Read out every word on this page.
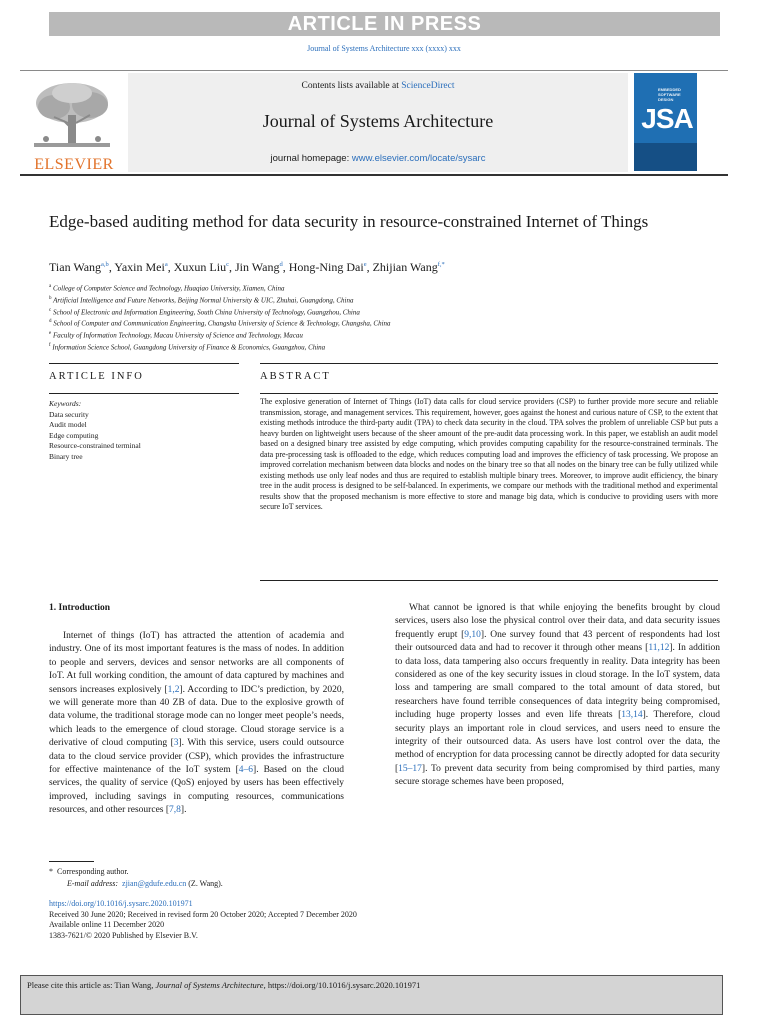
ARTICLE IN PRESS
Journal of Systems Architecture xxx (xxxx) xxx
ELSEVIER
Contents lists available at ScienceDirect
Journal of Systems Architecture
journal homepage: www.elsevier.com/locate/sysarc
EMBEDDED SOFTWARE DESIGN
JSA
Edge-based auditing method for data security in resource-constrained Internet of Things
Tian Wang$^{a,b}$, Yaxin Mei$^a$, Xuxun Liu$^c$, Jin Wang$^d$, Hong-Ning Dai$^e$, Zhijian Wang$^{f,*}$
$^a$ College of Computer Science and Technology, Huaqiao University, Xiamen, China
$^b$ Artificial Intelligence and Future Networks, Beijing Normal University & UIC, Zhuhai, Guangdong, China
$^c$ School of Electronic and Information Engineering, South China University of Technology, Guangzhou, China
$^d$ School of Computer and Communication Engineering, Changsha University of Science & Technology, Changsha, China
$^e$ Faculty of Information Technology, Macau University of Science and Technology, Macau
$^f$ Information Science School, Guangdong University of Finance & Economics, Guangzhou, China
ARTICLE INFO	ABSTRACT
Keywords:
Data security
Audit model
Edge computing
Resource-constrained terminal
Binary tree
The explosive generation of Internet of Things (IoT) data calls for cloud service providers (CSP) to further provide more secure and reliable transmission, storage, and management services. This requirement, however, goes against the honest and curious nature of CSP, to the extent that existing methods introduce the third-party audit (TPA) to check data security in the cloud. TPA solves the problem of unreliable CSP but puts a heavy burden on lightweight users because of the sheer amount of the pre-audit data processing work. In this paper, we establish an audit model based on a designed binary tree assisted by edge computing, which provides computing capability for the resource-constrained terminals. The data pre-processing task is offloaded to the edge, which reduces computing load and improves the efficiency of task processing. We propose an improved correlation mechanism between data blocks and nodes on the binary tree so that all nodes on the binary tree can be fully utilized while existing methods use only leaf nodes and thus are required to establish multiple binary trees. Moreover, to improve audit efficiency, the binary tree in the audit process is designed to be self-balanced. In experiments, we compare our methods with the traditional method and experimental results show that the proposed mechanism is more effective to store and manage big data, which is conducive to providing users with more secure IoT services.
1. Introduction

Internet of things (IoT) has attracted the attention of academia and industry. One of its most important features is the mass of nodes. In addition to people and servers, devices and sensor networks are all components of IoT. At full working condition, the amount of data captured by machines and sensors increases explosively [1,2]. According to IDC’s prediction, by 2020, we will generate more than 40 ZB of data. Due to the explosive growth of data volume, the traditional storage mode can no longer meet people’s needs, which leads to the emergence of cloud storage. Cloud storage service is a derivative of cloud computing [3]. With this service, users could outsource data to the cloud service provider (CSP), which provides the infrastructure for effective maintenance of the IoT system [4–6]. Based on the cloud services, the quality of service (QoS) enjoyed by users has been effectively improved, including savings in computing resources, communications resources, and other resources [7,8].

What cannot be ignored is that while enjoying the benefits brought by cloud services, users also lose the physical control over their data, and data security issues frequently erupt [9,10]. One survey found that 43 percent of respondents had lost their outsourced data and had to recover it through other means [11,12]. In addition to data loss, data tampering also occurs frequently in reality. Data integrity has been considered as one of the key security issues in cloud storage. In the IoT system, data loss and tampering are small compared to the total amount of data stored, but researchers have found terrible consequences of data integrity being compromised, including huge property losses and even life threats [13,14]. Therefore, cloud security plays an important role in cloud services, and users need to ensure the integrity of their outsourced data. As users have lost control over the data, the method of encryption for data processing cannot be directly adopted for data security [15–17]. To prevent data security from being compromised by third parties, many secure storage schemes have been proposed,

* Corresponding author.
E-mail address: zjian@gdufe.edu.cn (Z. Wang).
https://doi.org/10.1016/j.sysarc.2020.101971
Received 30 June 2020; Received in revised form 20 October 2020; Accepted 7 December 2020
Available online 11 December 2020
1383-7621/© 2020 Published by Elsevier B.V.
Please cite this article as: Tian Wang, Journal of Systems Architecture, https://doi.org/10.1016/j.sysarc.2020.101971
